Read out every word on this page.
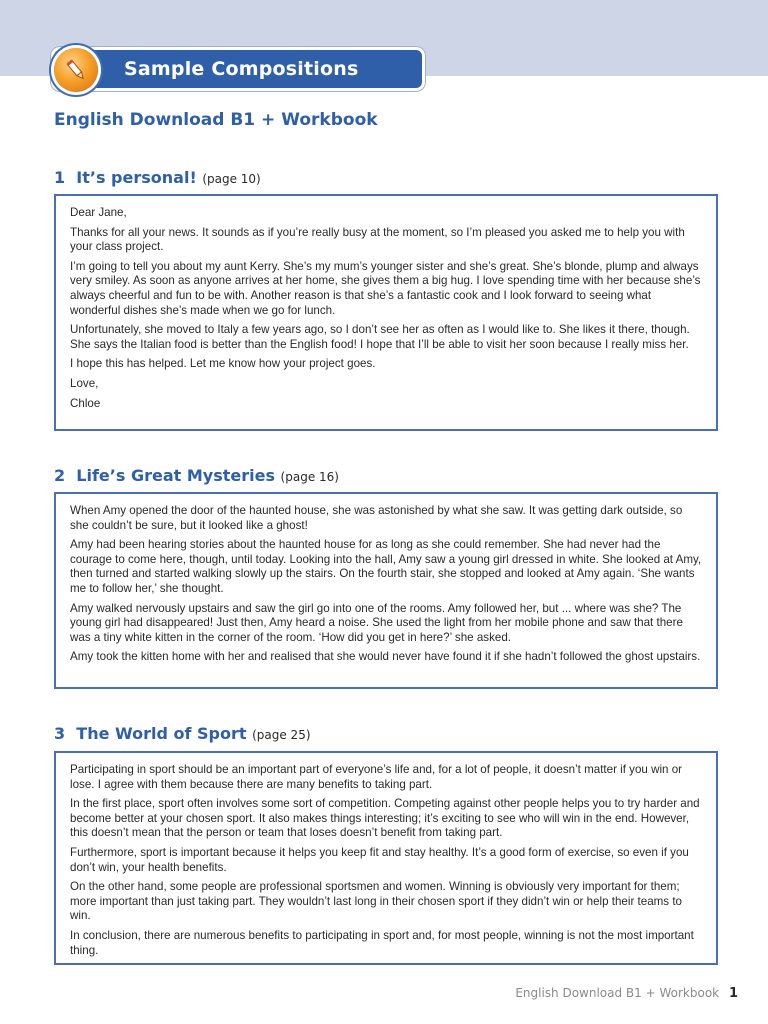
Sample Compositions
English Download B1 + Workbook
1 It’s personal! (page 10)

Dear Jane,

Thanks for all your news. It sounds as if you’re really busy at the moment, so I’m pleased you asked me to help you with your class project.

I’m going to tell you about my aunt Kerry. She’s my mum’s younger sister and she’s great. She’s blonde, plump and always very smiley. As soon as anyone arrives at her home, she gives them a big hug. I love spending time with her because she’s always cheerful and fun to be with. Another reason is that she’s a fantastic cook and I look forward to seeing what wonderful dishes she’s made when we go for lunch.

Unfortunately, she moved to Italy a few years ago, so I don’t see her as often as I would like to. She likes it there, though. She says the Italian food is better than the English food! I hope that I’ll be able to visit her soon because I really miss her.

I hope this has helped. Let me know how your project goes.

Love,

Chloe

2 Life’s Great Mysteries (page 16)

When Amy opened the door of the haunted house, she was astonished by what she saw. It was getting dark outside, so she couldn’t be sure, but it looked like a ghost!

Amy had been hearing stories about the haunted house for as long as she could remember. She had never had the courage to come here, though, until today. Looking into the hall, Amy saw a young girl dressed in white. She looked at Amy, then turned and started walking slowly up the stairs. On the fourth stair, she stopped and looked at Amy again. ‘She wants me to follow her,’ she thought.

Amy walked nervously upstairs and saw the girl go into one of the rooms. Amy followed her, but ... where was she? The young girl had disappeared! Just then, Amy heard a noise. She used the light from her mobile phone and saw that there was a tiny white kitten in the corner of the room. ‘How did you get in here?’ she asked.

Amy took the kitten home with her and realised that she would never have found it if she hadn’t followed the ghost upstairs.

3 The World of Sport (page 25)

Participating in sport should be an important part of everyone’s life and, for a lot of people, it doesn’t matter if you win or lose. I agree with them because there are many benefits to taking part.

In the first place, sport often involves some sort of competition. Competing against other people helps you to try harder and become better at your chosen sport. It also makes things interesting; it’s exciting to see who will win in the end. However, this doesn’t mean that the person or team that loses doesn’t benefit from taking part.

Furthermore, sport is important because it helps you keep fit and stay healthy. It’s a good form of exercise, so even if you don’t win, your health benefits.

On the other hand, some people are professional sportsmen and women. Winning is obviously very important for them; more important than just taking part. They wouldn’t last long in their chosen sport if they didn’t win or help their teams to win.

In conclusion, there are numerous benefits to participating in sport and, for most people, winning is not the most important thing.

English Download B1 + Workbook 1
